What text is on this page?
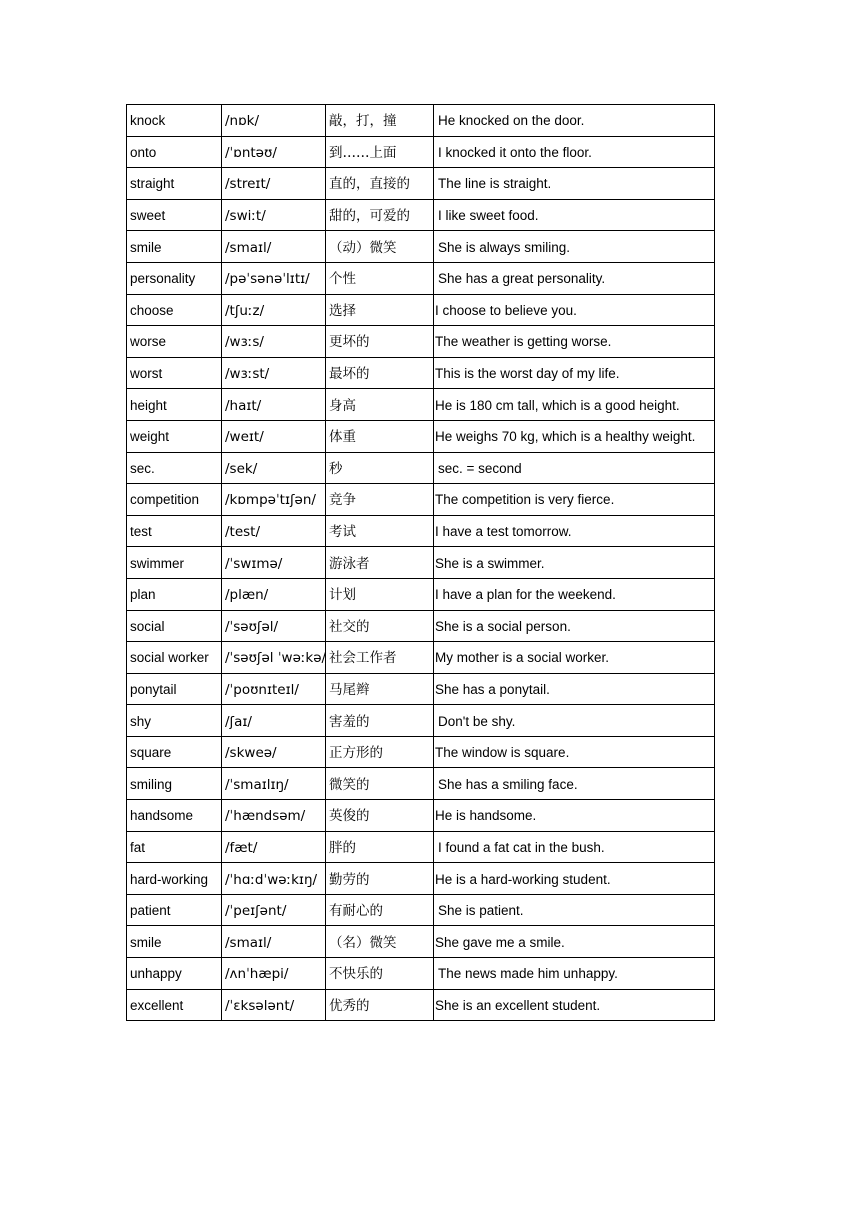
knock	/nɒk/	敲，打，撞	He knocked on the door.
onto	/ˈɒntəʊ/	到……上面	I knocked it onto the floor.
straight	/streɪt/	直的，直接的	The line is straight.
sweet	/swiːt/	甜的，可爱的	I like sweet food.
smile	/smaɪl/	（动）微笑	She is always smiling.
personality	/pəˈsənəˈlɪtɪ/	个性	She has a great personality.
choose	/tʃuːz/	选择	I choose to believe you.
worse	/wɜːs/	更坏的	The weather is getting worse.
worst	/wɜːst/	最坏的	This is the worst day of my life.
height	/haɪt/	身高	He is 180 cm tall, which is a good height.
weight	/weɪt/	体重	He weighs 70 kg, which is a healthy weight.
sec.	/sek/	秒	sec. = second
competition	/kɒmpəˈtɪʃən/	竞争	The competition is very fierce.
test	/test/	考试	I have a test tomorrow.
swimmer	/ˈswɪmə/	游泳者	She is a swimmer.
plan	/plæn/	计划	I have a plan for the weekend.
social	/ˈsəʊʃəl/	社交的	She is a social person.
social worker	/ˈsəʊʃəl ˈwəːkə/	社会工作者	My mother is a social worker.
ponytail	/ˈpoʊnɪteɪl/	马尾辫	She has a ponytail.
shy	/ʃaɪ/	害羞的	Don't be shy.
square	/skweə/	正方形的	The window is square.
smiling	/ˈsmaɪlɪŋ/	微笑的	She has a smiling face.
handsome	/ˈhændsəm/	英俊的	He is handsome.
fat	/fæt/	胖的	I found a fat cat in the bush.
hard-working	/ˈhɑːdˈwəːkɪŋ/	勤劳的	He is a hard-working student.
patient	/ˈpeɪʃənt/	有耐心的	She is patient.
smile	/smaɪl/	（名）微笑	She gave me a smile.
unhappy	/ʌnˈhæpi/	不快乐的	The news made him unhappy.
excellent	/ˈɛksələnt/	优秀的	She is an excellent student.
